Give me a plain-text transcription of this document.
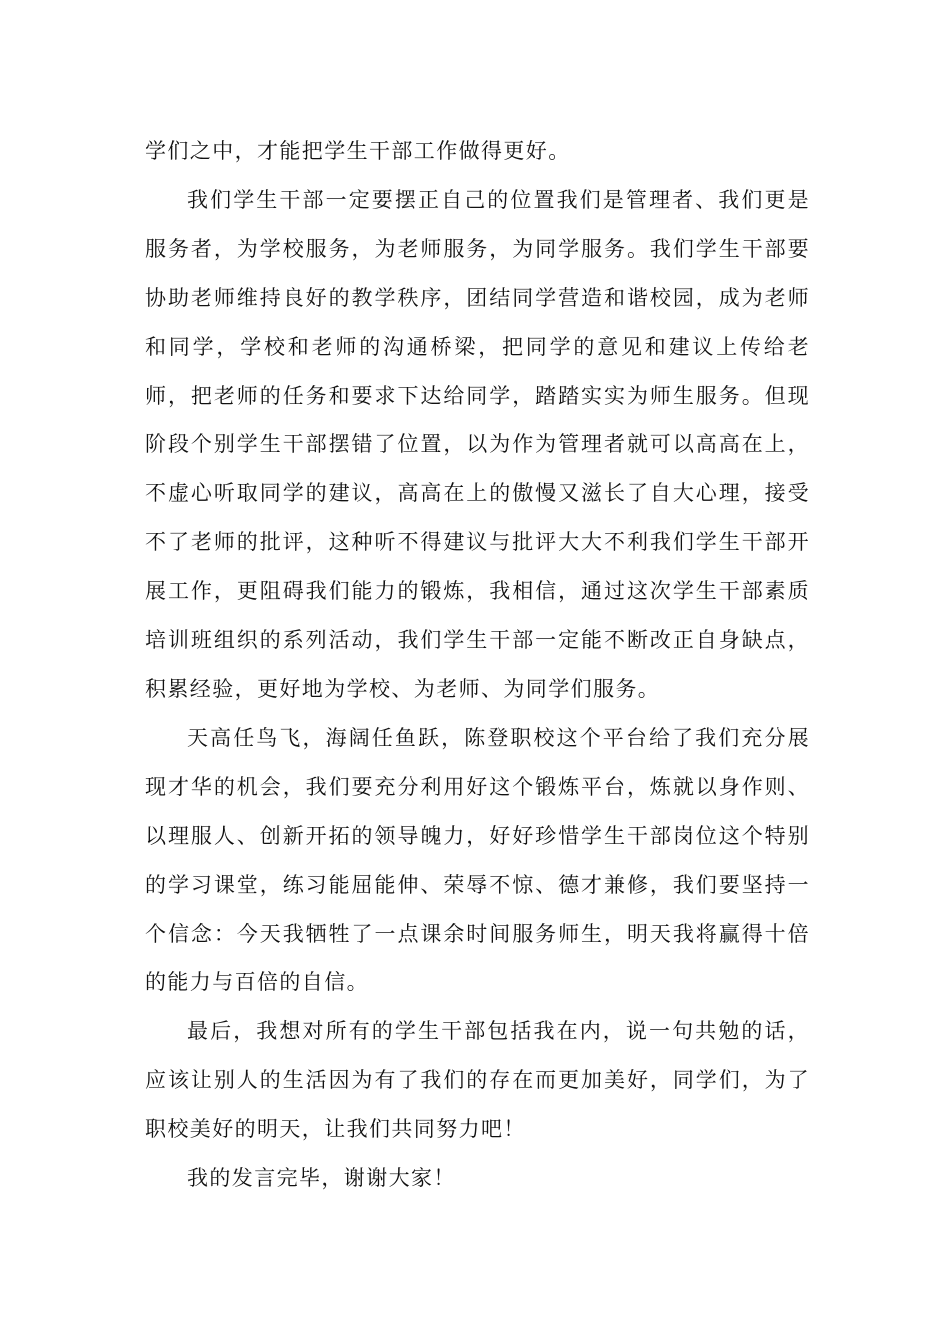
学们之中，才能把学生干部工作做得更好。

我们学生干部一定要摆正自己的位置我们是管理者、我们更是服务者，为学校服务，为老师服务，为同学服务。我们学生干部要协助老师维持良好的教学秩序，团结同学营造和谐校园，成为老师和同学，学校和老师的沟通桥梁，把同学的意见和建议上传给老师，把老师的任务和要求下达给同学，踏踏实实为师生服务。但现阶段个别学生干部摆错了位置，以为作为管理者就可以高高在上，不虚心听取同学的建议，高高在上的傲慢又滋长了自大心理，接受不了老师的批评，这种听不得建议与批评大大不利我们学生干部开展工作，更阻碍我们能力的锻炼，我相信，通过这次学生干部素质培训班组织的系列活动，我们学生干部一定能不断改正自身缺点，积累经验，更好地为学校、为老师、为同学们服务。

天高任鸟飞，海阔任鱼跃，陈登职校这个平台给了我们充分展现才华的机会，我们要充分利用好这个锻炼平台，炼就以身作则、以理服人、创新开拓的领导魄力，好好珍惜学生干部岗位这个特别的学习课堂，练习能屈能伸、荣辱不惊、德才兼修，我们要坚持一个信念：今天我牺牲了一点课余时间服务师生，明天我将赢得十倍的能力与百倍的自信。

最后，我想对所有的学生干部包括我在内，说一句共勉的话，应该让别人的生活因为有了我们的存在而更加美好，同学们，为了职校美好的明天，让我们共同努力吧！

我的发言完毕，谢谢大家！
